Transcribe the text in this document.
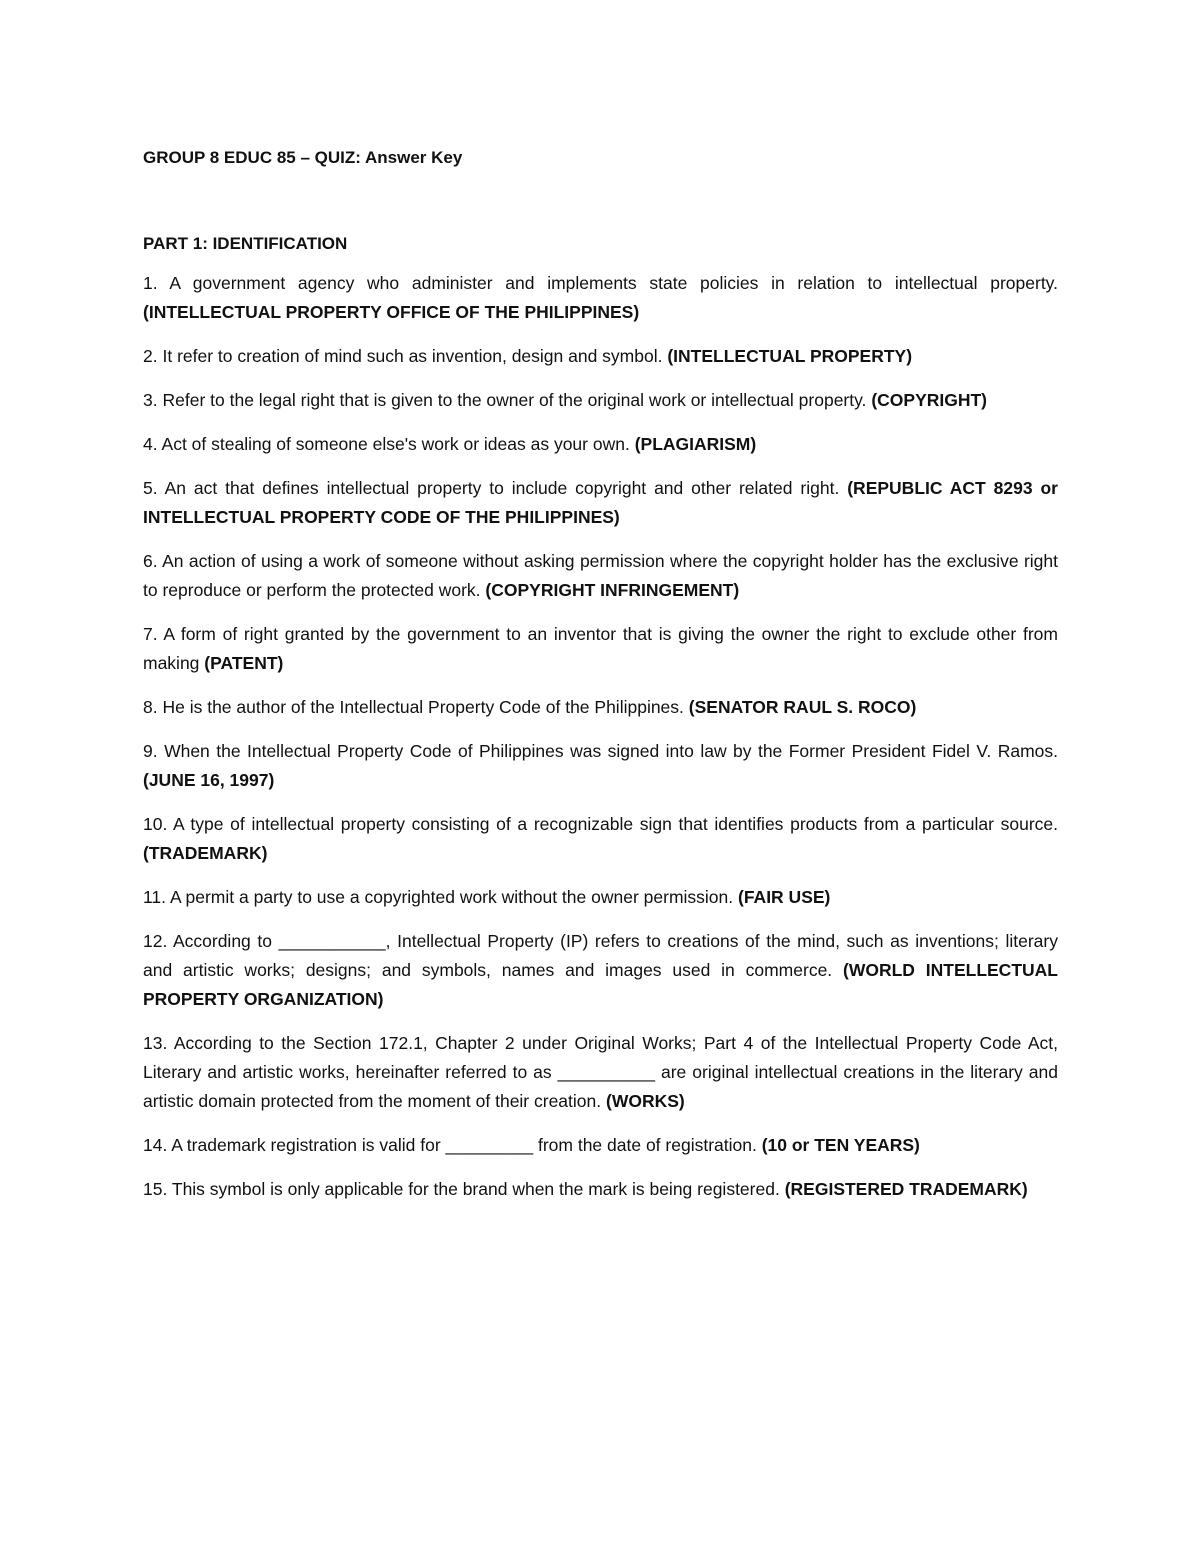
GROUP 8 EDUC 85 – QUIZ: Answer Key

PART 1: IDENTIFICATION

1. A government agency who administer and implements state policies in relation to intellectual property. (INTELLECTUAL PROPERTY OFFICE OF THE PHILIPPINES)

2. It refer to creation of mind such as invention, design and symbol. (INTELLECTUAL PROPERTY)

3. Refer to the legal right that is given to the owner of the original work or intellectual property. (COPYRIGHT)

4. Act of stealing of someone else's work or ideas as your own. (PLAGIARISM)

5. An act that defines intellectual property to include copyright and other related right. (REPUBLIC ACT 8293 or INTELLECTUAL PROPERTY CODE OF THE PHILIPPINES)

6. An action of using a work of someone without asking permission where the copyright holder has the exclusive right to reproduce or perform the protected work. (COPYRIGHT INFRINGEMENT)

7. A form of right granted by the government to an inventor that is giving the owner the right to exclude other from making (PATENT)

8. He is the author of the Intellectual Property Code of the Philippines. (SENATOR RAUL S. ROCO)

9. When the Intellectual Property Code of Philippines was signed into law by the Former President Fidel V. Ramos. (JUNE 16, 1997)

10. A type of intellectual property consisting of a recognizable sign that identifies products from a particular source. (TRADEMARK)

11. A permit a party to use a copyrighted work without the owner permission. (FAIR USE)

12. According to ___________, Intellectual Property (IP) refers to creations of the mind, such as inventions; literary and artistic works; designs; and symbols, names and images used in commerce. (WORLD INTELLECTUAL PROPERTY ORGANIZATION)

13. According to the Section 172.1, Chapter 2 under Original Works; Part 4 of the Intellectual Property Code Act, Literary and artistic works, hereinafter referred to as __________ are original intellectual creations in the literary and artistic domain protected from the moment of their creation. (WORKS)

14. A trademark registration is valid for _________ from the date of registration. (10 or TEN YEARS)

15. This symbol is only applicable for the brand when the mark is being registered. (REGISTERED TRADEMARK)
